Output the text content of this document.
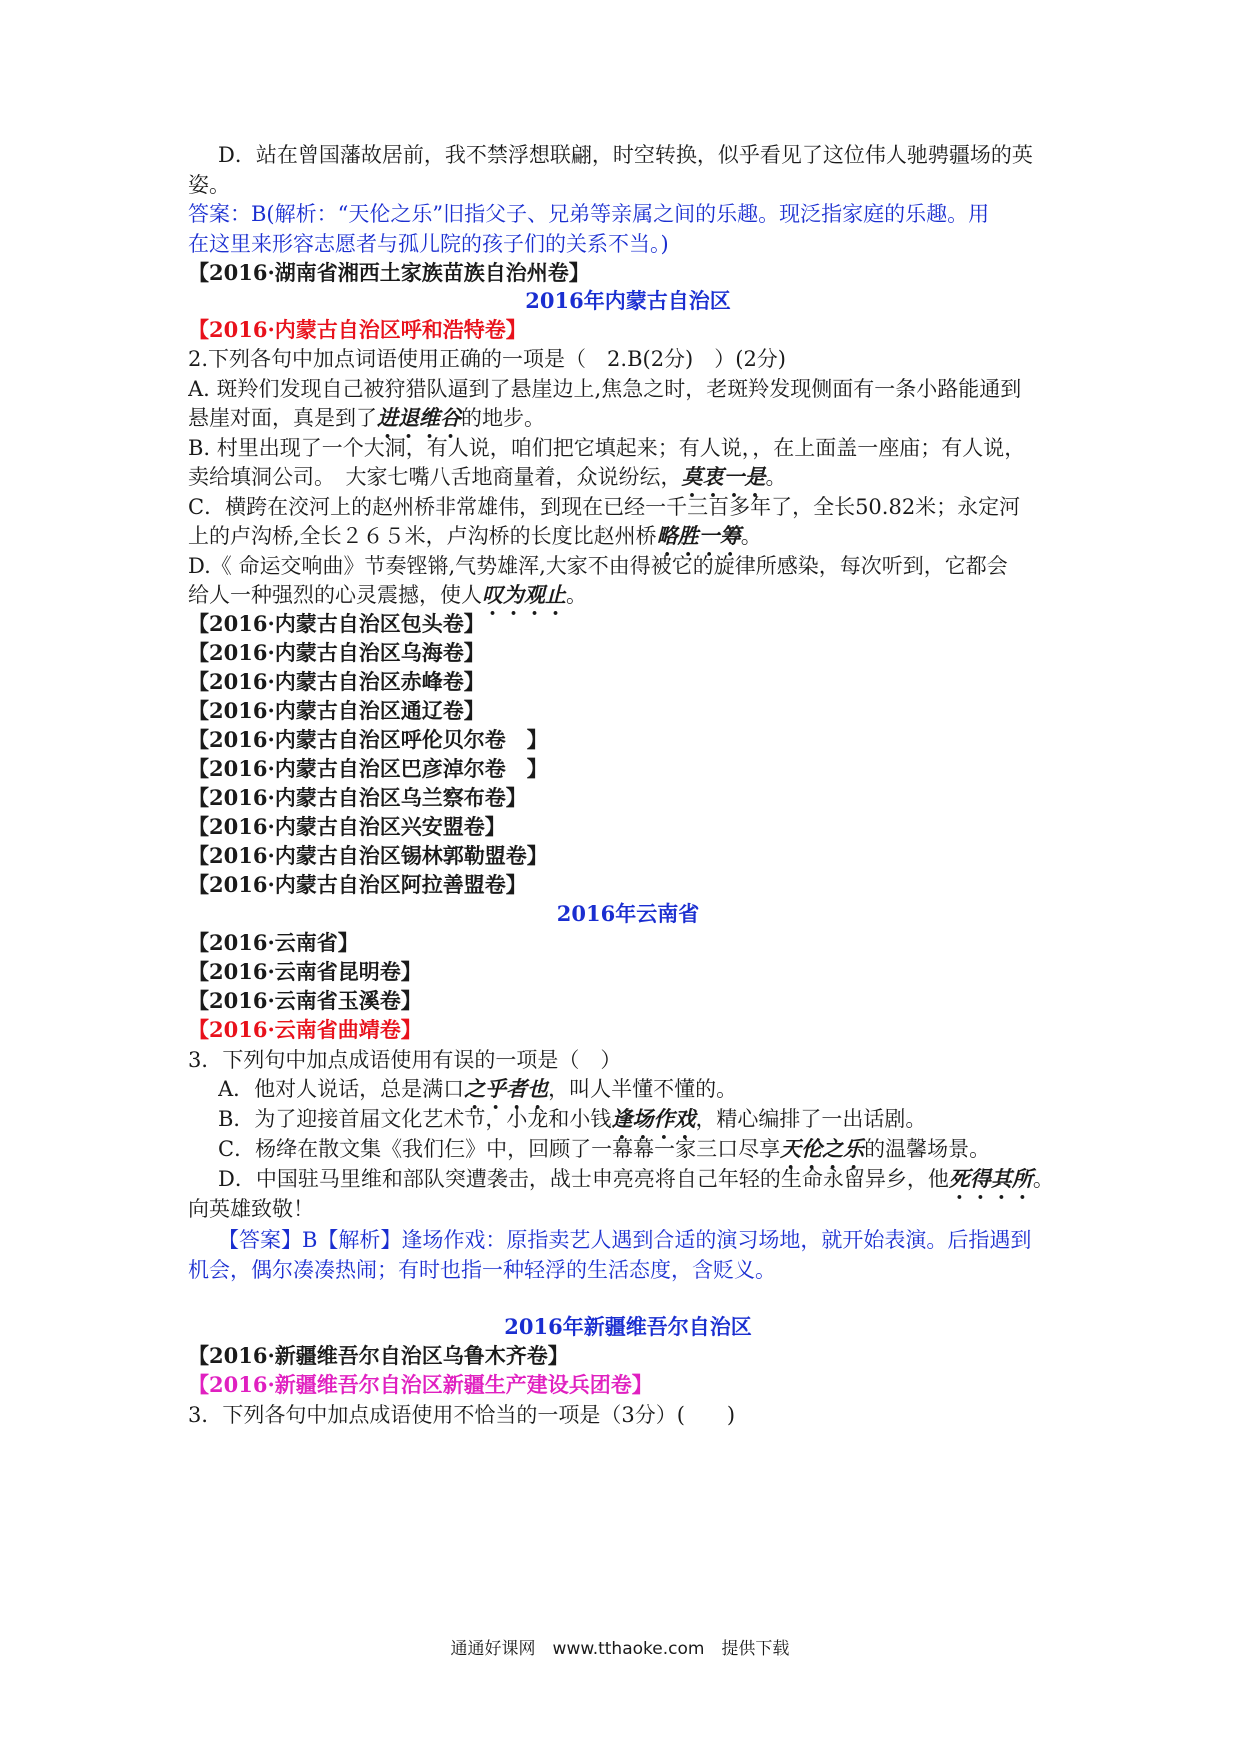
D．站在曾国藩故居前，我不禁浮想联翩，时空转换，似乎看见了这位伟人驰骋疆场的英
姿。
答案：B(解析：“天伦之乐”旧指父子、兄弟等亲属之间的乐趣。现泛指家庭的乐趣。用
在这里来形容志愿者与孤儿院的孩子们的关系不当。)
【2016·湖南省湘西土家族苗族自治州卷】
2016年内蒙古自治区
【2016·内蒙古自治区呼和浩特卷】
2.下列各句中加点词语使用正确的一项是（　2.B(2分)　）(2分)
A. 斑羚们发现自己被狩猎队逼到了悬崖边上,焦急之时，老斑羚发现侧面有一条小路能通到
悬崖对面，真是到了进退维谷的地步。
B. 村里出现了一个大洞，有人说，咱们把它填起来；有人说，，在上面盖一座庙；有人说，
卖给填洞公司。　大家七嘴八舌地商量着，众说纷纭，莫衷一是。
C．横跨在洨河上的赵州桥非常雄伟，到现在已经一千三百多年了，全长50.82米；永定河
上的卢沟桥,全长２６５米，卢沟桥的长度比赵州桥略胜一筹。
D.《 命运交响曲》节奏铿锵,气势雄浑,大家不由得被它的旋律所感染，每次听到，它都会
给人一种强烈的心灵震撼，使人叹为观止。
【2016·内蒙古自治区包头卷】
【2016·内蒙古自治区乌海卷】
【2016·内蒙古自治区赤峰卷】
【2016·内蒙古自治区通辽卷】
【2016·内蒙古自治区呼伦贝尔卷　】
【2016·内蒙古自治区巴彦淖尔卷　】
【2016·内蒙古自治区乌兰察布卷】
【2016·内蒙古自治区兴安盟卷】
【2016·内蒙古自治区锡林郭勒盟卷】
【2016·内蒙古自治区阿拉善盟卷】
2016年云南省
【2016·云南省】
【2016·云南省昆明卷】
【2016·云南省玉溪卷】
【2016·云南省曲靖卷】
3．下列句中加点成语使用有误的一项是（　）
A．他对人说话，总是满口之乎者也，叫人半懂不懂的。
B．为了迎接首届文化艺术节，小龙和小钱逢场作戏，精心编排了一出话剧。
C．杨绛在散文集《我们仨》中，回顾了一幕幕一家三口尽享天伦之乐的温馨场景。
D．中国驻马里维和部队突遭袭击，战士申亮亮将自己年轻的生命永留异乡，他死得其所。
向英雄致敬！
【答案】B【解析】逢场作戏：原指卖艺人遇到合适的演习场地，就开始表演。后指遇到
机会，偶尔凑凑热闹；有时也指一种轻浮的生活态度，含贬义。
2016年新疆维吾尔自治区
【2016·新疆维吾尔自治区乌鲁木齐卷】
【2016·新疆维吾尔自治区新疆生产建设兵团卷】
3．下列各句中加点成语使用不恰当的一项是（3分）(　　)
通通好课网　www.tthaoke.com　提供下载
